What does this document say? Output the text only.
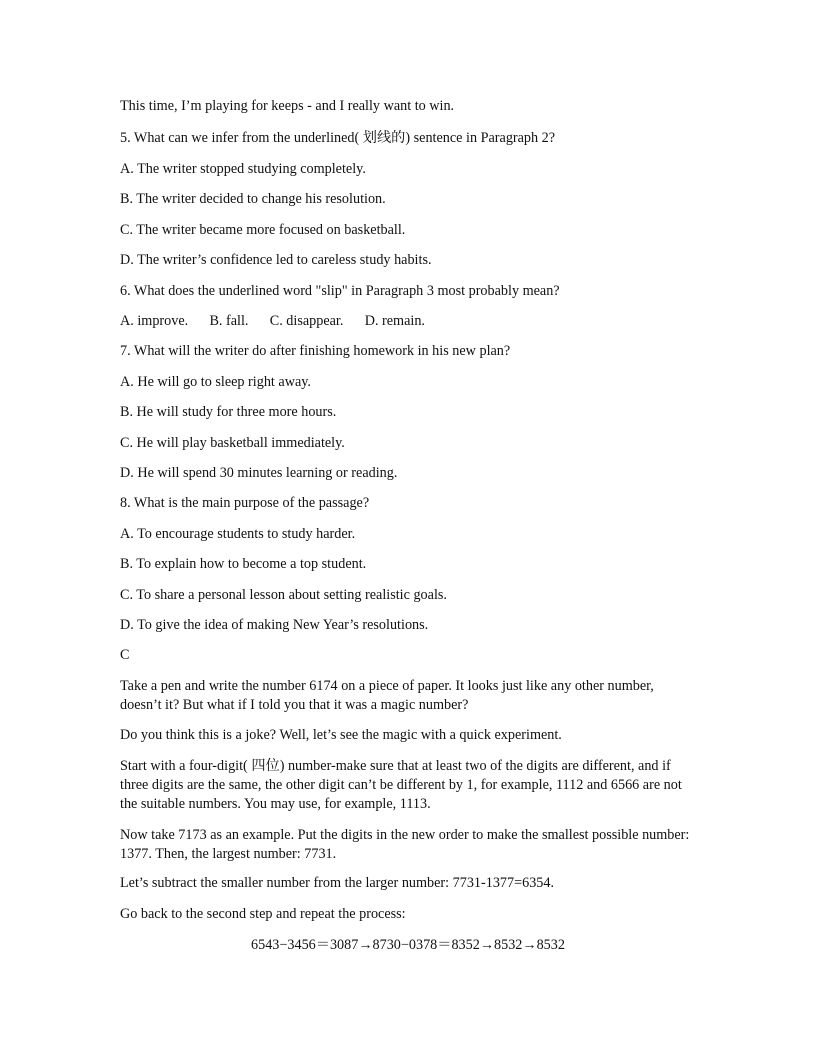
This time, I’m playing for keeps - and I really want to win.

5. What can we infer from the underlined( 划线的) sentence in Paragraph 2?

A. The writer stopped studying completely.

B. The writer decided to change his resolution.

C. The writer became more focused on basketball.

D. The writer’s confidence led to careless study habits.

6. What does the underlined word "slip" in Paragraph 3 most probably mean?

A. improve.      B. fall.      C. disappear.      D. remain.

7. What will the writer do after finishing homework in his new plan?

A. He will go to sleep right away.

B. He will study for three more hours.

C. He will play basketball immediately.

D. He will spend 30 minutes learning or reading.

8. What is the main purpose of the passage?

A. To encourage students to study harder.

B. To explain how to become a top student.

C. To share a personal lesson about setting realistic goals.

D. To give the idea of making New Year’s resolutions.

C

Take a pen and write the number 6174 on a piece of paper. It looks just like any other number, doesn’t it? But what if I told you that it was a magic number?

Do you think this is a joke? Well, let’s see the magic with a quick experiment.

Start with a four-digit( 四位) number-make sure that at least two of the digits are different, and if three digits are the same, the other digit can’t be different by 1, for example, 1112 and 6566 are not the suitable numbers. You may use, for example, 1113.

Now take 7173 as an example. Put the digits in the new order to make the smallest possible number: 1377. Then, the largest number: 7731.

Let’s subtract the smaller number from the larger number: 7731-1377=6354.

Go back to the second step and repeat the process:

6543−3456＝3087→8730−0378＝8352→8532→8532
